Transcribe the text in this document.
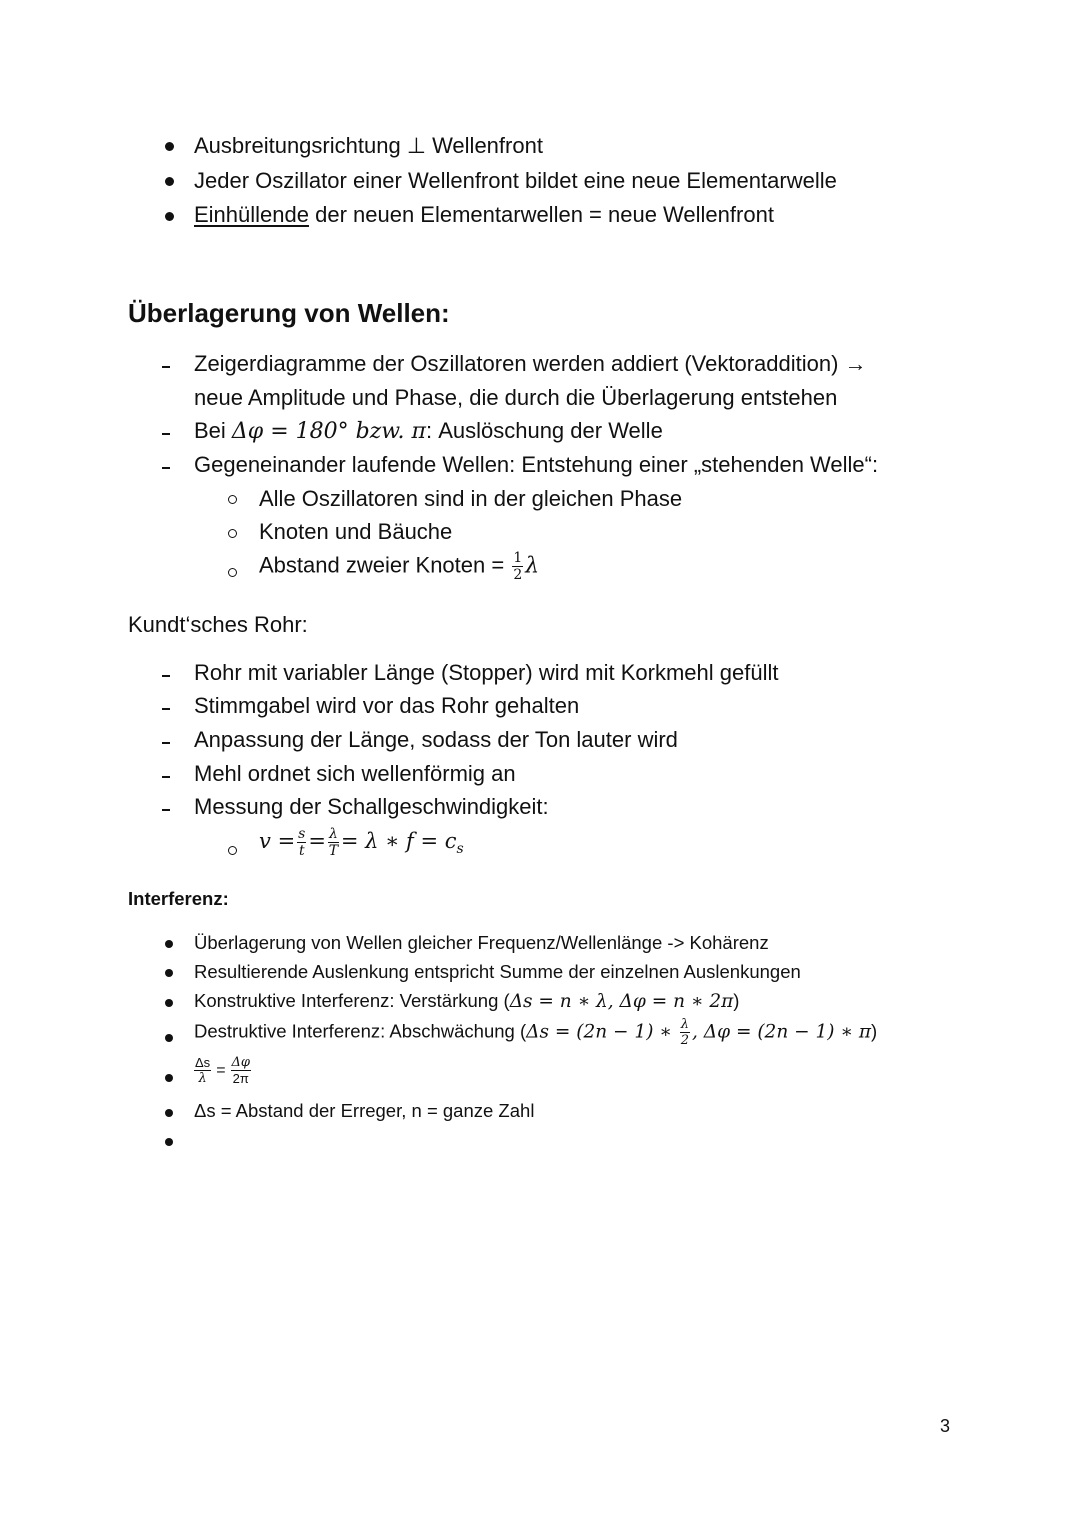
Ausbreitungsrichtung ⊥ Wellenfront
Jeder Oszillator einer Wellenfront bildet eine neue Elementarwelle
Einhüllende der neuen Elementarwellen = neue Wellenfront
Überlagerung von Wellen:
Zeigerdiagramme der Oszillatoren werden addiert (Vektoraddition) →
neue Amplitude und Phase, die durch die Überlagerung entstehen
Bei Δφ = 180° bzw. π: Auslöschung der Welle
Gegeneinander laufende Wellen: Entstehung einer „stehenden Welle“:
Alle Oszillatoren sind in der gleichen Phase
Knoten und Bäuche
Abstand zweier Knoten = $\frac{1}{2}$ λ
Kundt‘sches Rohr:
Rohr mit variabler Länge (Stopper) wird mit Korkmehl gefüllt
Stimmgabel wird vor das Rohr gehalten
Anpassung der Länge, sodass der Ton lauter wird
Mehl ordnet sich wellenförmig an
Messung der Schallgeschwindigkeit:
$v = \frac{s}{t} = \frac{\lambda}{T} = \lambda$ ∗ $f = c_s$
Interferenz:
Überlagerung von Wellen gleicher Frequenz/Wellenlänge -> Kohärenz
Resultierende Auslenkung entspricht Summe der einzelnen Auslenkungen
Konstruktive Interferenz: Verstärkung (Δs = n ∗ λ, Δφ = n ∗ 2π)
Destruktive Interferenz: Abschwächung (Δs = (2n − 1) ∗ $\frac{\lambda}{2}$ , Δφ = (2n − 1) ∗ π)
$\frac{\Delta s}{\lambda} = \frac{\Delta\varphi}{2\pi}$
Δs = Abstand der Erreger, n = ganze Zahl
3
